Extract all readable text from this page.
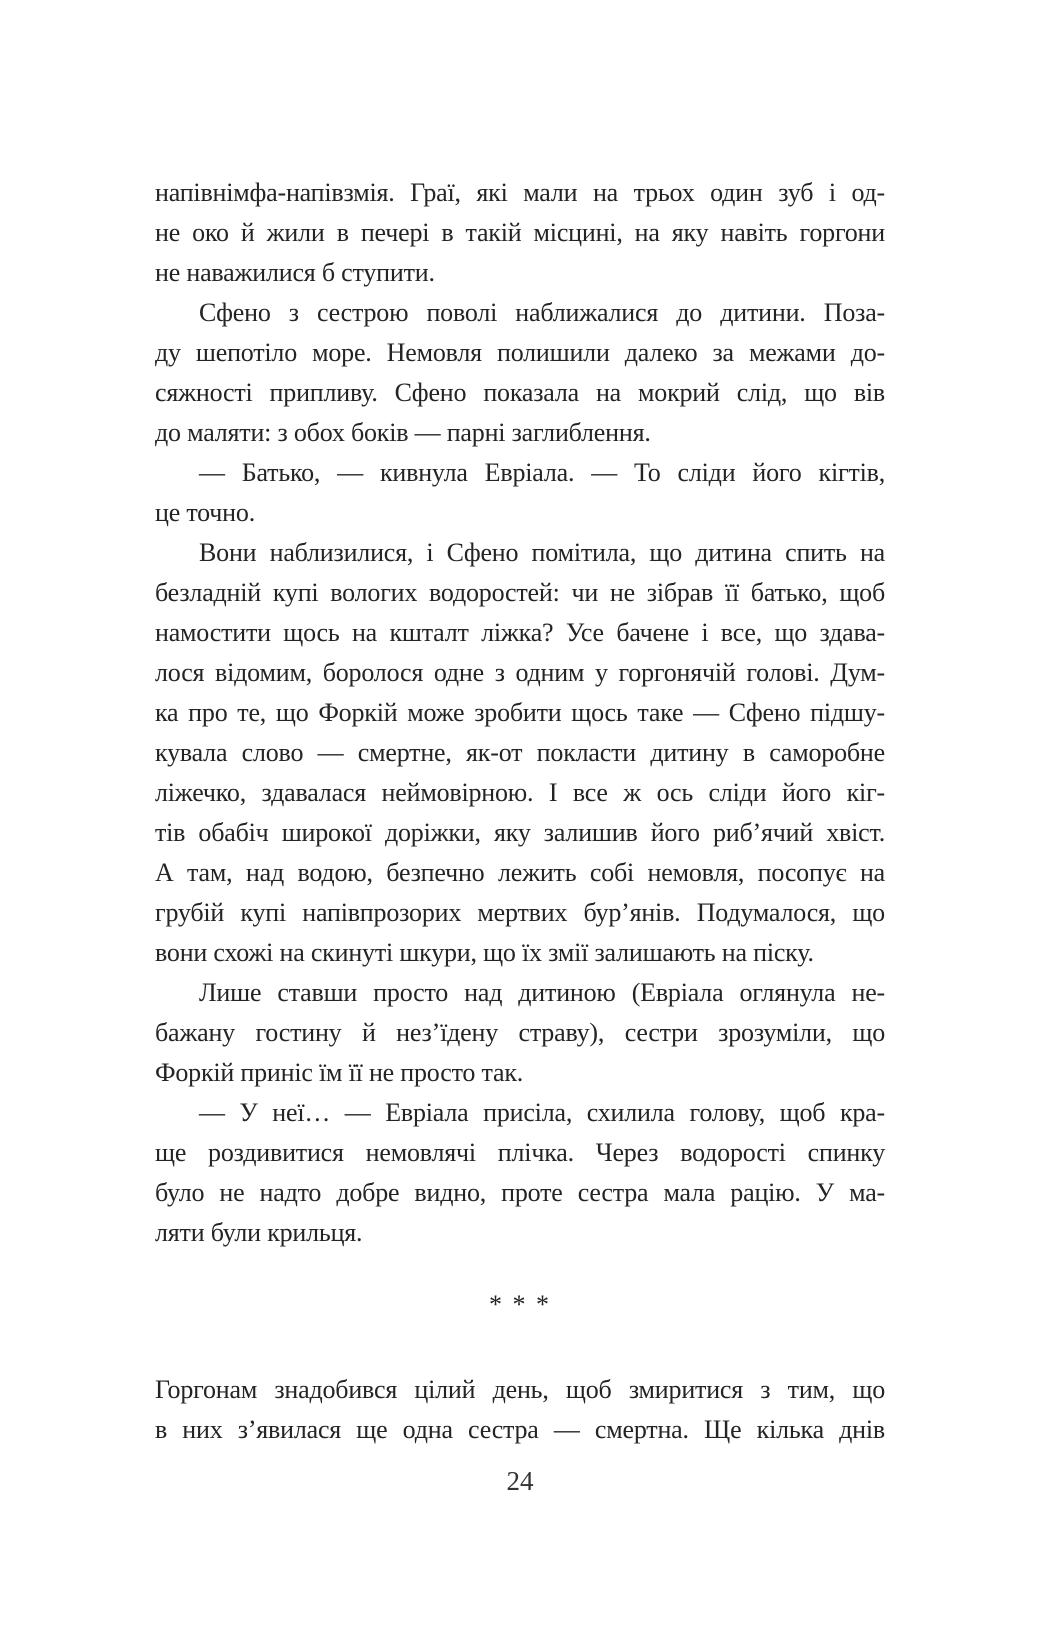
напівнімфа-напівзмія. Граї, які мали на трьох один зуб і од-
не око й жили в печері в такій місцині, на яку навіть горгони
не наважилися б ступити.

Сфено з сестрою поволі наближалися до дитини. Поза-
ду шепотіло море. Немовля полишили далеко за межами до-
сяжності припливу. Сфено показала на мокрий слід, що вів
до маляти: з обох боків — парні заглиблення.

— Батько, — кивнула Евріала. — То сліди його кігтів,
це точно.

Вони наблизилися, і Сфено помітила, що дитина спить на
безладній купі вологих водоростей: чи не зібрав її батько, щоб
намостити щось на кшталт ліжка? Усе бачене і все, що здава-
лося відомим, боролося одне з одним у горгонячій голові. Дум-
ка про те, що Форкій може зробити щось таке — Сфено підшу-
кувала слово — смертне, як-от покласти дитину в саморобне
ліжечко, здавалася неймовірною. І все ж ось сліди його кіг-
тів обабіч широкої доріжки, яку залишив його риб’ячий хвіст.
А там, над водою, безпечно лежить собі немовля, посопує на
грубій купі напівпрозорих мертвих бур’янів. Подумалося, що
вони схожі на скинуті шкури, що їх змії залишають на піску.

Лише ставши просто над дитиною (Евріала оглянула не-
бажану гостину й нез’їдену страву), сестри зрозуміли, що
Форкій приніс їм її не просто так.

— У неї… — Евріала присіла, схилила голову, щоб кра-
ще роздивитися немовлячі плічка. Через водорості спинку
було не надто добре видно, проте сестра мала рацію. У ма-
ляти були крильця.

* * *

Горгонам знадобився цілий день, щоб змиритися з тим, що
в них з’явилася ще одна сестра — смертна. Ще кілька днів

24
